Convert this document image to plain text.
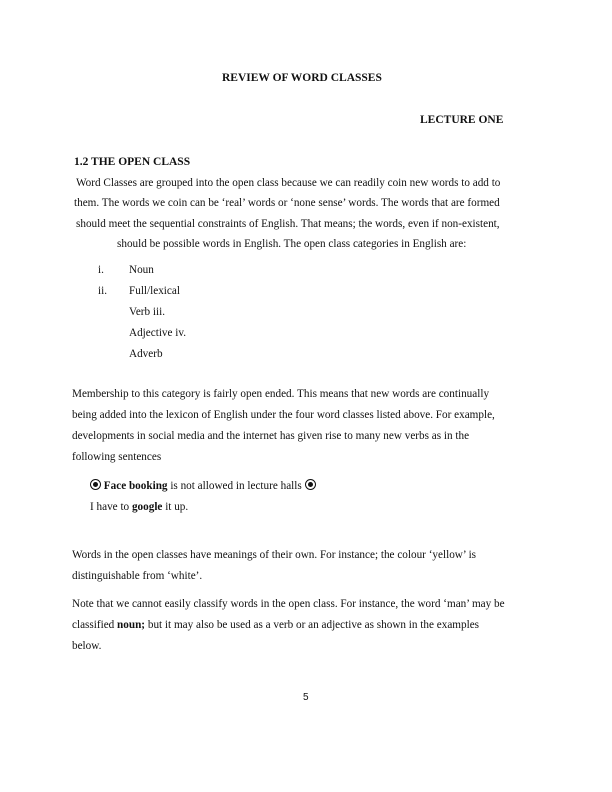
REVIEW OF WORD CLASSES

LECTURE ONE

1.2 THE OPEN CLASS

Word Classes are grouped into the open class because we can readily coin new words to add to

them. The words we coin can be ‘real’ words or ‘none sense’ words. The words that are formed

should meet the sequential constraints of English. That means; the words, even if non-existent,

should be possible words in English. The open class categories in English are:

i. Noun
ii. Full/lexical
Verb iii.
Adjective iv.
Adverb

Membership to this category is fairly open ended. This means that new words are continually

being added into the lexicon of English under the four word classes listed above. For example,

developments in social media and the internet has given rise to many new verbs as in the

following sentences

Face booking is not allowed in lecture halls

I have to google it up.

Words in the open classes have meanings of their own. For instance; the colour ‘yellow’ is

distinguishable from ‘white’.

Note that we cannot easily classify words in the open class. For instance, the word ‘man’ may be

classified noun; but it may also be used as a verb or an adjective as shown in the examples

below.

5
